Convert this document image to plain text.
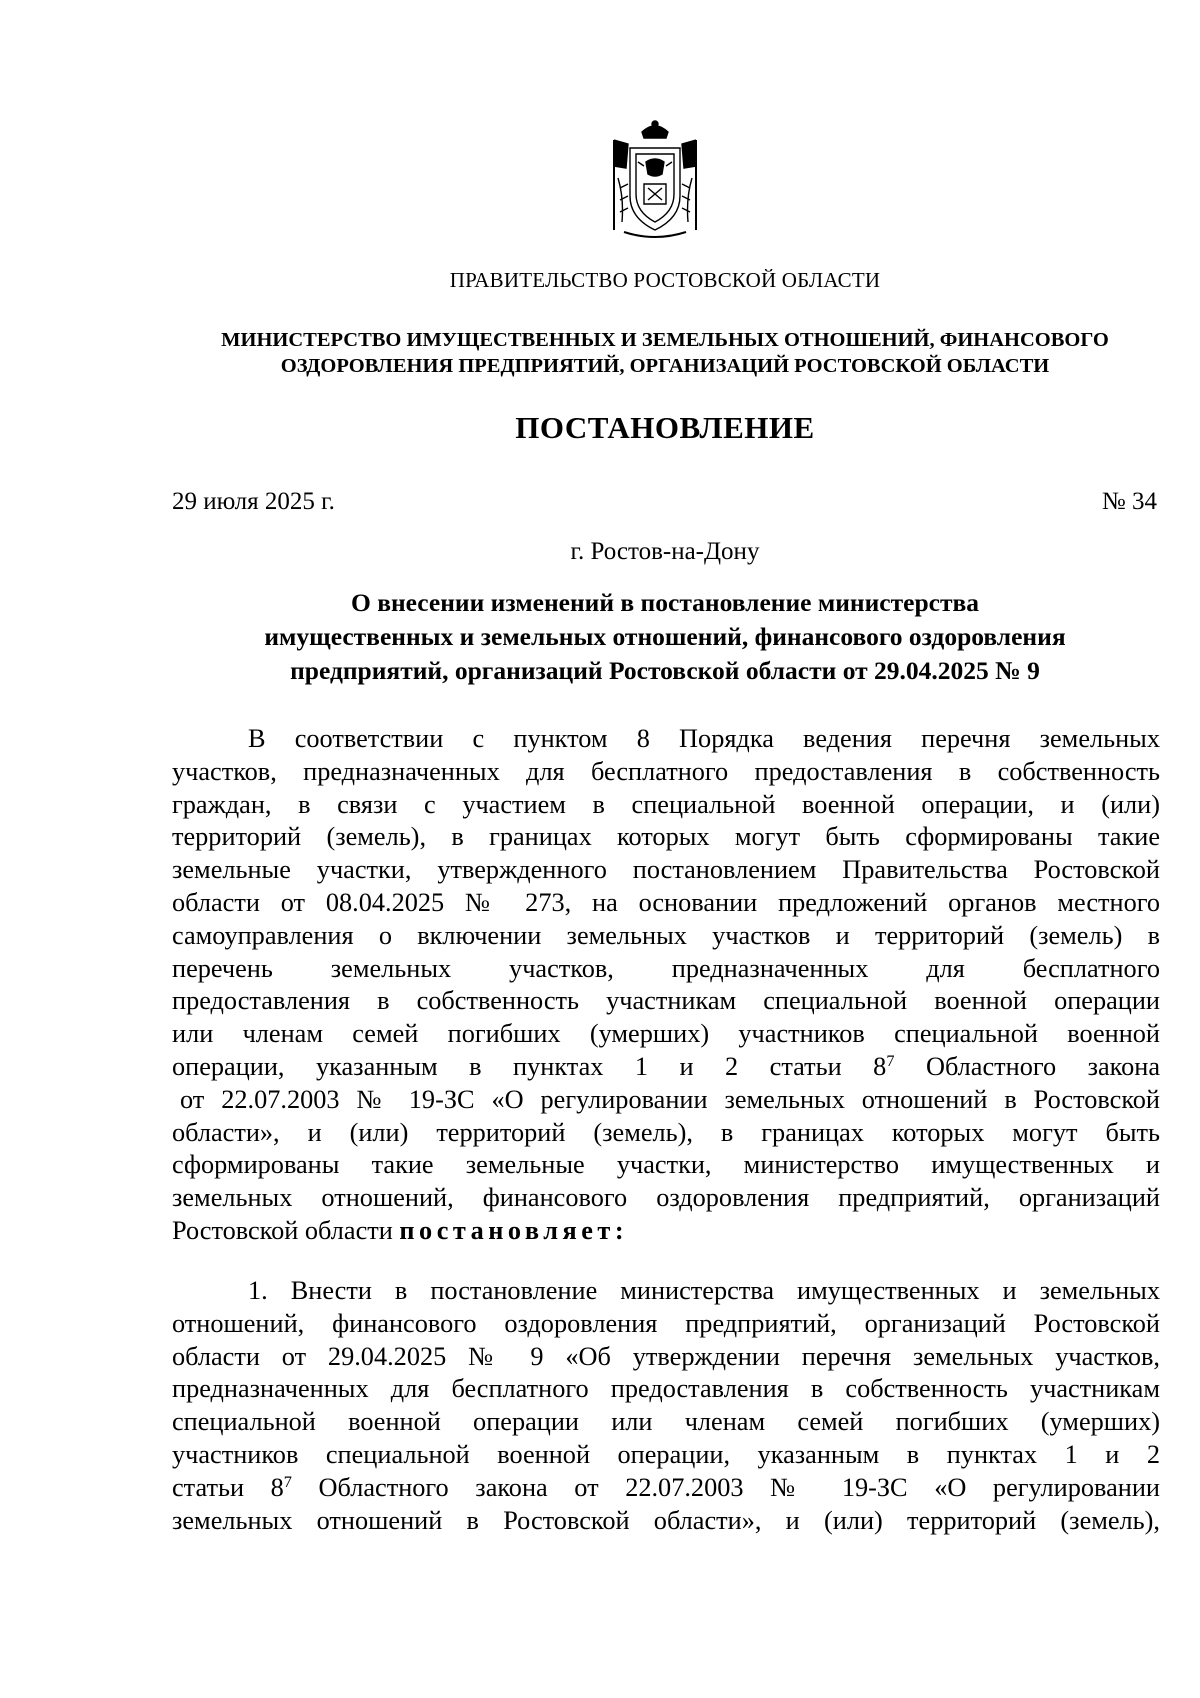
ПРАВИТЕЛЬСТВО РОСТОВСКОЙ ОБЛАСТИ
МИНИСТЕРСТВО ИМУЩЕСТВЕННЫХ И ЗЕМЕЛЬНЫХ ОТНОШЕНИЙ, ФИНАНСОВОГО
ОЗДОРОВЛЕНИЯ ПРЕДПРИЯТИЙ, ОРГАНИЗАЦИЙ РОСТОВСКОЙ ОБЛАСТИ
ПОСТАНОВЛЕНИЕ
29 июля 2025 г.	№ 34
г. Ростов-на-Дону
О внесении изменений в постановление министерства
имущественных и земельных отношений, финансового оздоровления
предприятий, организаций Ростовской области от 29.04.2025 № 9
В соответствии с пунктом 8 Порядка ведения перечня земельных
участков, предназначенных для бесплатного предоставления в собственность
граждан, в связи с участием в специальной военной операции, и (или)
территорий (земель), в границах которых могут быть сформированы такие
земельные участки, утвержденного постановлением Правительства Ростовской
области от 08.04.2025 № 273, на основании предложений органов местного
самоуправления о включении земельных участков и территорий (земель) в
перечень земельных участков, предназначенных для бесплатного
предоставления в собственность участникам специальной военной операции
или членам семей погибших (умерших) участников специальной военной
операции, указанным в пунктах 1 и 2 статьи $8^7$ Областного закона
от 22.07.2003 № 19-ЗС «О регулировании земельных отношений в Ростовской
области», и (или) территорий (земель), в границах которых могут быть
сформированы такие земельные участки, министерство имущественных и
земельных отношений, финансового оздоровления предприятий, организаций
Ростовской области постановляет:
1. Внести в постановление министерства имущественных и земельных
отношений, финансового оздоровления предприятий, организаций Ростовской
области от 29.04.2025 № 9 «Об утверждении перечня земельных участков,
предназначенных для бесплатного предоставления в собственность участникам
специальной военной операции или членам семей погибших (умерших)
участников специальной военной операции, указанным в пунктах 1 и 2
статьи $8^7$ Областного закона от 22.07.2003 № 19-ЗС «О регулировании
земельных отношений в Ростовской области», и (или) территорий (земель),
